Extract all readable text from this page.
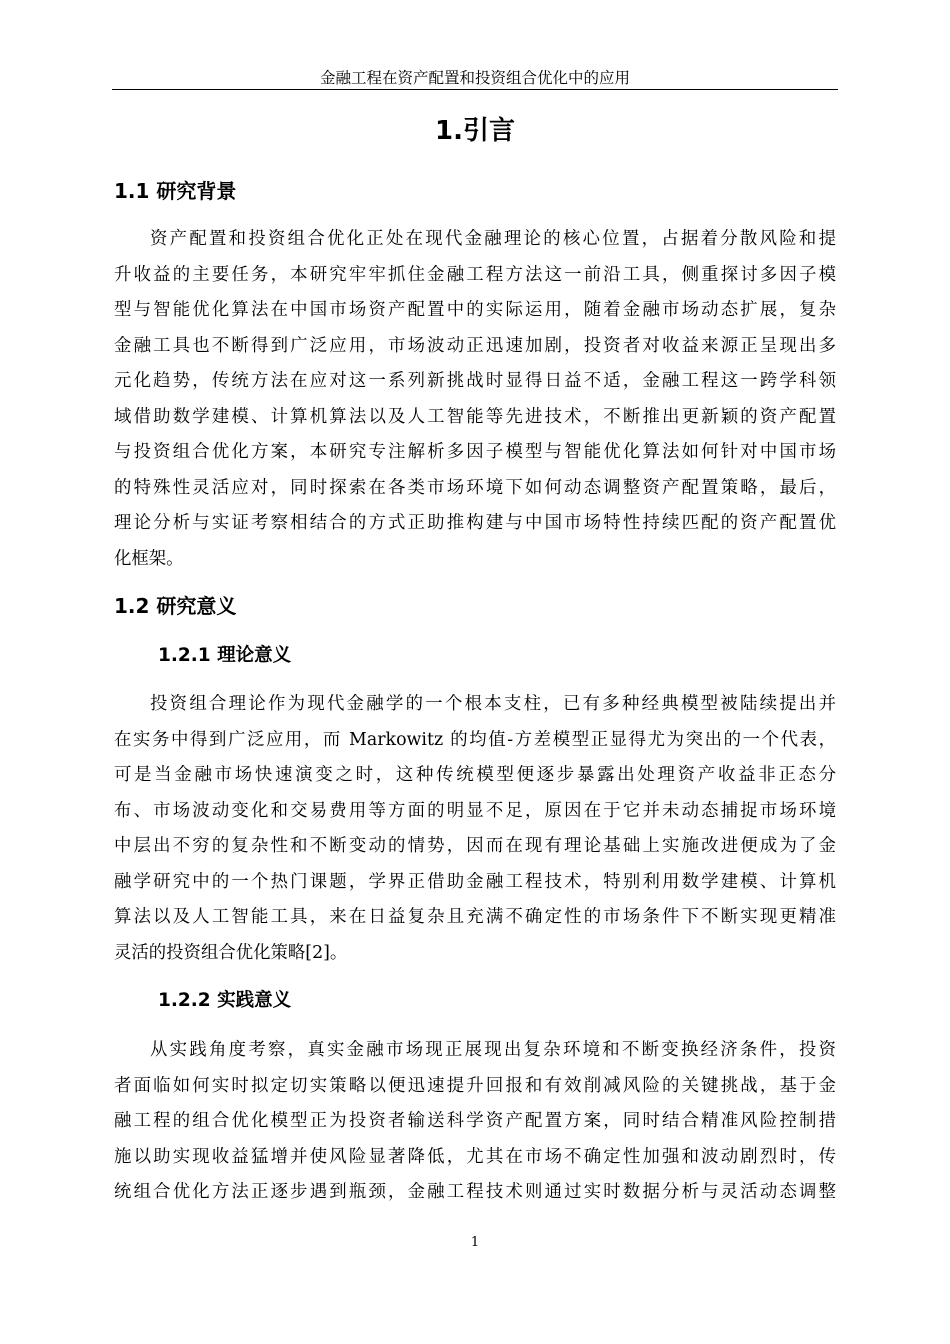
金融工程在资产配置和投资组合优化中的应用
1.引言
1.1 研究背景
资产配置和投资组合优化正处在现代金融理论的核心位置，占据着分散风险和提
升收益的主要任务，本研究牢牢抓住金融工程方法这一前沿工具，侧重探讨多因子模
型与智能优化算法在中国市场资产配置中的实际运用，随着金融市场动态扩展，复杂
金融工具也不断得到广泛应用，市场波动正迅速加剧，投资者对收益来源正呈现出多
元化趋势，传统方法在应对这一系列新挑战时显得日益不适，金融工程这一跨学科领
域借助数学建模、计算机算法以及人工智能等先进技术，不断推出更新颖的资产配置
与投资组合优化方案，本研究专注解析多因子模型与智能优化算法如何针对中国市场
的特殊性灵活应对，同时探索在各类市场环境下如何动态调整资产配置策略，最后，
理论分析与实证考察相结合的方式正助推构建与中国市场特性持续匹配的资产配置优
化框架。
1.2 研究意义
1.2.1 理论意义
投资组合理论作为现代金融学的一个根本支柱，已有多种经典模型被陆续提出并
在实务中得到广泛应用，而 Markowitz 的均值-方差模型正显得尤为突出的一个代表，
可是当金融市场快速演变之时，这种传统模型便逐步暴露出处理资产收益非正态分
布、市场波动变化和交易费用等方面的明显不足，原因在于它并未动态捕捉市场环境
中层出不穷的复杂性和不断变动的情势，因而在现有理论基础上实施改进便成为了金
融学研究中的一个热门课题，学界正借助金融工程技术，特别利用数学建模、计算机
算法以及人工智能工具，来在日益复杂且充满不确定性的市场条件下不断实现更精准
灵活的投资组合优化策略[2]。
1.2.2 实践意义
从实践角度考察，真实金融市场现正展现出复杂环境和不断变换经济条件，投资
者面临如何实时拟定切实策略以便迅速提升回报和有效削减风险的关键挑战，基于金
融工程的组合优化模型正为投资者输送科学资产配置方案，同时结合精准风险控制措
施以助实现收益猛增并使风险显著降低，尤其在市场不确定性加强和波动剧烈时，传
统组合优化方法正逐步遇到瓶颈，金融工程技术则通过实时数据分析与灵活动态调整
1
